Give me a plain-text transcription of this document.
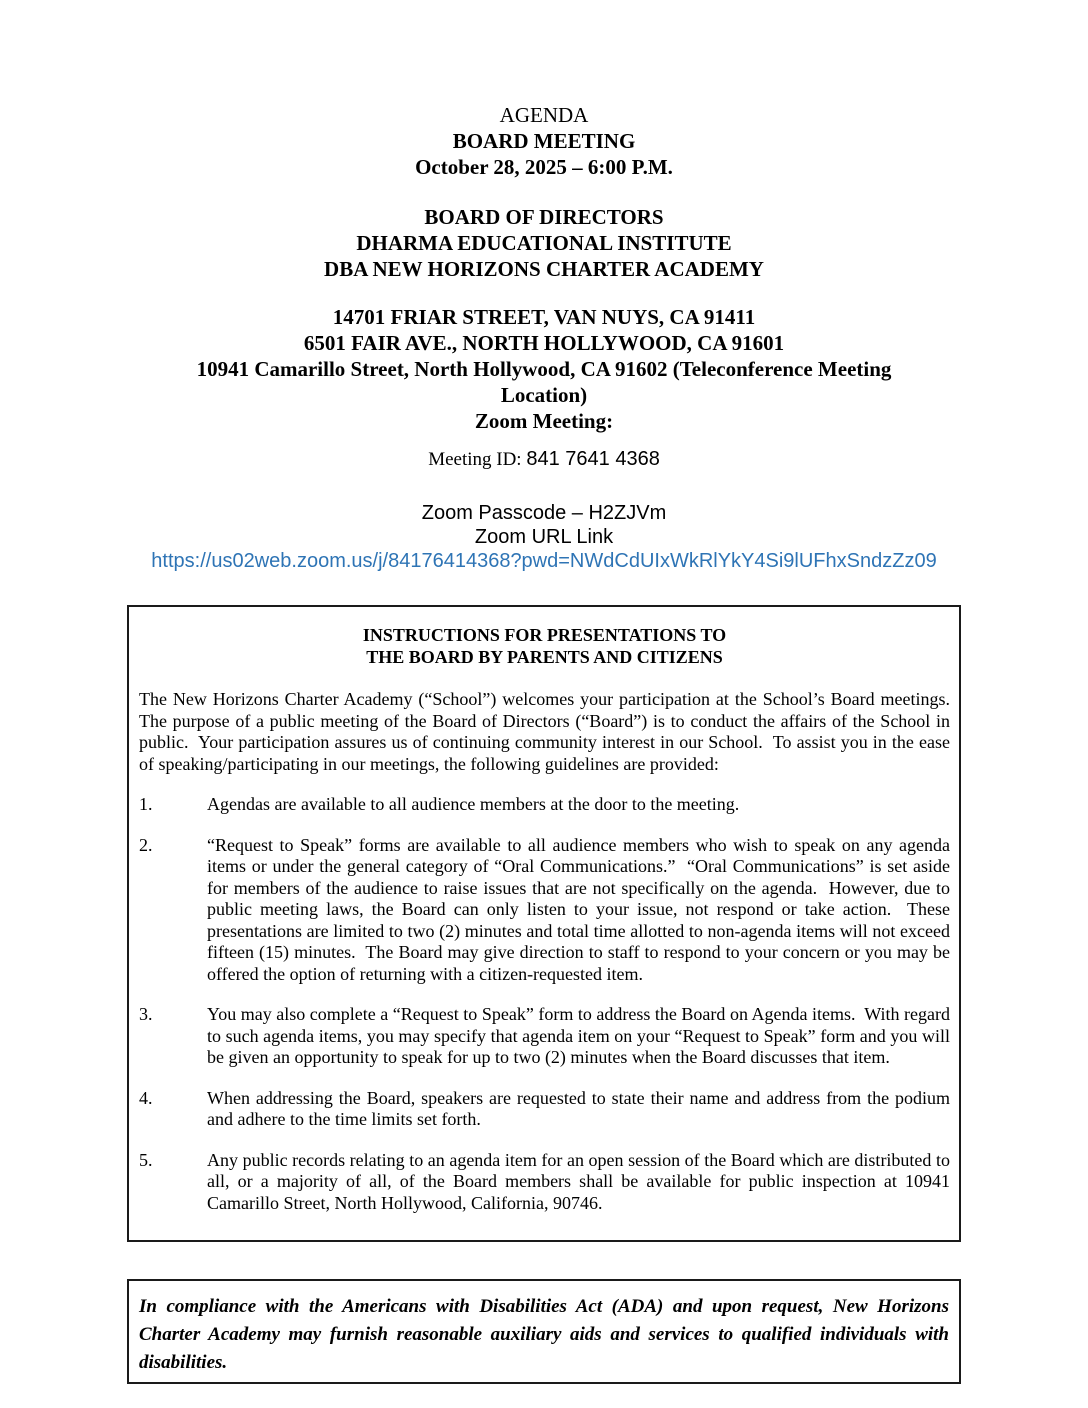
AGENDA
BOARD MEETING
October 28, 2025 – 6:00 P.M.
BOARD OF DIRECTORS
DHARMA EDUCATIONAL INSTITUTE
DBA NEW HORIZONS CHARTER ACADEMY
14701 FRIAR STREET, VAN NUYS, CA 91411
6501 FAIR AVE., NORTH HOLLYWOOD, CA 91601
10941 Camarillo Street, North Hollywood, CA 91602 (Teleconference Meeting Location)
Zoom Meeting:
Meeting ID: 841 7641 4368
Zoom Passcode – H2ZJVm
Zoom URL Link
https://us02web.zoom.us/j/84176414368?pwd=NWdCdUIxWkRlYkY4Si9lUFhxSndzZz09
INSTRUCTIONS FOR PRESENTATIONS TO
THE BOARD BY PARENTS AND CITIZENS
The New Horizons Charter Academy (“School”) welcomes your participation at the School’s Board meetings.  The purpose of a public meeting of the Board of Directors (“Board”) is to conduct the affairs of the School in public.  Your participation assures us of continuing community interest in our School.  To assist you in the ease of speaking/participating in our meetings, the following guidelines are provided:
1.	Agendas are available to all audience members at the door to the meeting.
2.	“Request to Speak” forms are available to all audience members who wish to speak on any agenda items or under the general category of “Oral Communications.”  “Oral Communications” is set aside for members of the audience to raise issues that are not specifically on the agenda.  However, due to public meeting laws, the Board can only listen to your issue, not respond or take action.  These presentations are limited to two (2) minutes and total time allotted to non-agenda items will not exceed fifteen (15) minutes.  The Board may give direction to staff to respond to your concern or you may be offered the option of returning with a citizen-requested item.
3.	You may also complete a “Request to Speak” form to address the Board on Agenda items.  With regard to such agenda items, you may specify that agenda item on your “Request to Speak” form and you will  be given an opportunity to speak for up to two (2) minutes when the Board discusses that item.
4.	When addressing the Board, speakers are requested to state their name and address from the podium and adhere to the time limits set forth.
5.	Any public records relating to an agenda item for an open session of the Board which are distributed to all, or a majority of all, of the Board members shall be available for public inspection at 10941 Camarillo Street, North Hollywood, California, 90746.
In compliance with the Americans with Disabilities Act (ADA) and upon request, New Horizons Charter Academy may furnish reasonable auxiliary aids and services to qualified individuals with disabilities.
